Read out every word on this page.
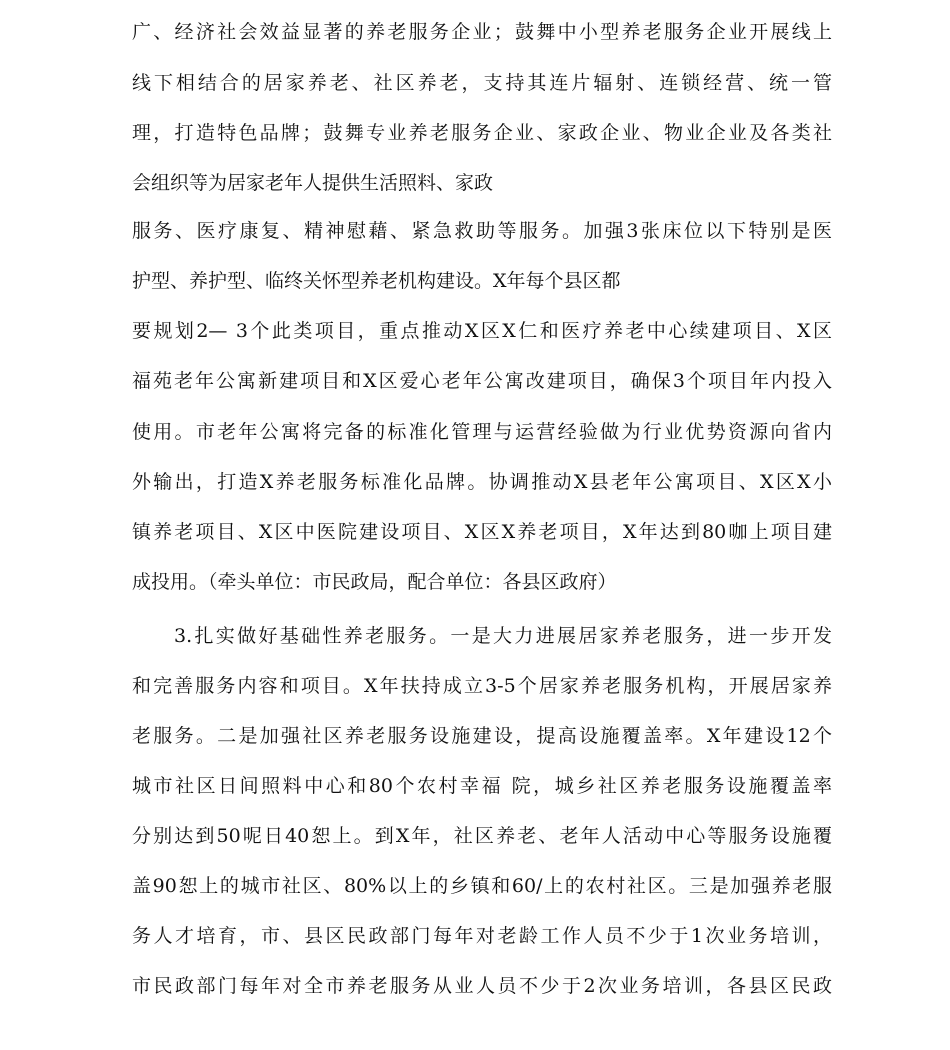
广、经济社会效益显著的养老服务企业；鼓舞中小型养老服务企业开展线上
线下相结合的居家养老、社区养老，支持其连片辐射、连锁经营、统一管
理，打造特色品牌；鼓舞专业养老服务企业、家政企业、物业企业及各类社
会组织等为居家老年人提供生活照料、家政
服务、医疗康复、精神慰藉、紧急救助等服务。加强3张床位以下特别是医
护型、养护型、临终关怀型养老机构建设。X年每个县区都
要规划2— 3个此类项目，重点推动X区X仁和医疗养老中心续建项目、X区
福苑老年公寓新建项目和X区爱心老年公寓改建项目，确保3个项目年内投入
使用。市老年公寓将完备的标准化管理与运营经验做为行业优势资源向省内
外输出，打造X养老服务标准化品牌。协调推动X县老年公寓项目、X区X小
镇养老项目、X区中医院建设项目、X区X养老项目，X年达到80咖上项目建
成投用。（牵头单位：市民政局，配合单位：各县区政府）
3.扎实做好基础性养老服务。一是大力进展居家养老服务，进一步开发
和完善服务内容和项目。X年扶持成立3-5个居家养老服务机构，开展居家养
老服务。二是加强社区养老服务设施建设，提高设施覆盖率。X年建设12个
城市社区日间照料中心和80个农村幸福 院，城乡社区养老服务设施覆盖率
分别达到50呢日40恕上。到X年，社区养老、老年人活动中心等服务设施覆
盖90恕上的城市社区、80%以上的乡镇和60/上的农村社区。三是加强养老服
务人才培育，市、县区民政部门每年对老龄工作人员不少于1次业务培训，
市民政部门每年对全市养老服务从业人员不少于2次业务培训，各县区民政
